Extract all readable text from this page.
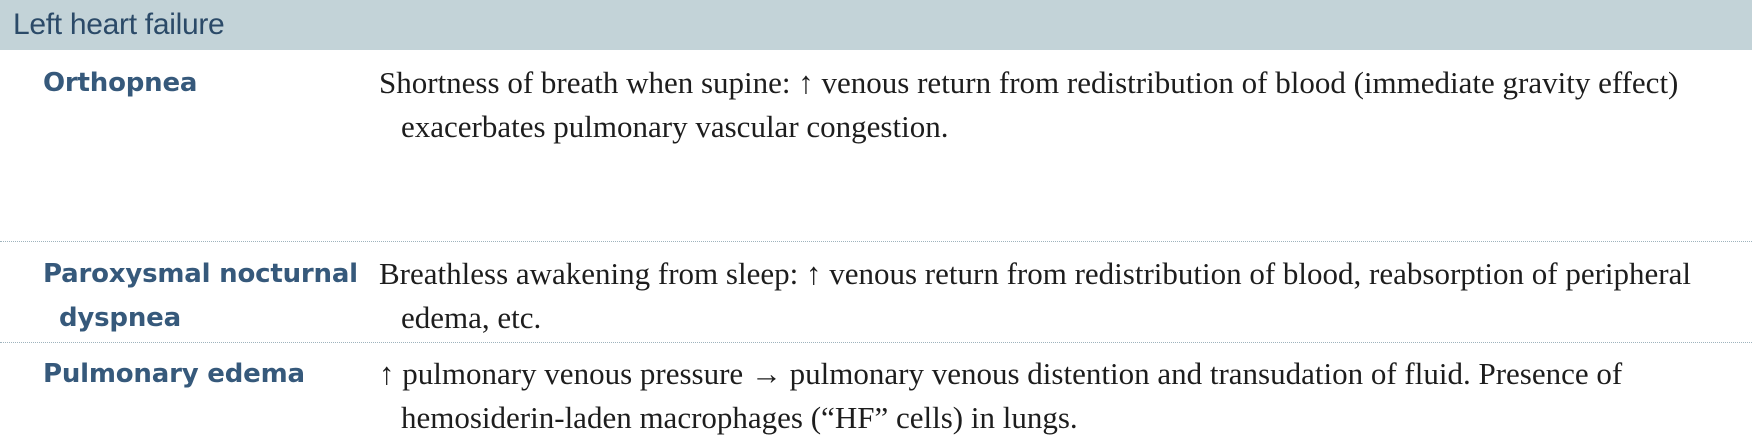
Left heart failure
Orthopnea	Shortness of breath when supine: ↑ venous return from redistribution of blood (immediate gravity effect) exacerbates pulmonary vascular congestion.
Paroxysmal nocturnal dyspnea
Breathless awakening from sleep: ↑ venous return from redistribution of blood, reabsorption of peripheral edema, etc.
Pulmonary edema	↑ pulmonary venous pressure → pulmonary venous distention and transudation of fluid. Presence of hemosiderin-laden macrophages (“HF” cells) in lungs.
